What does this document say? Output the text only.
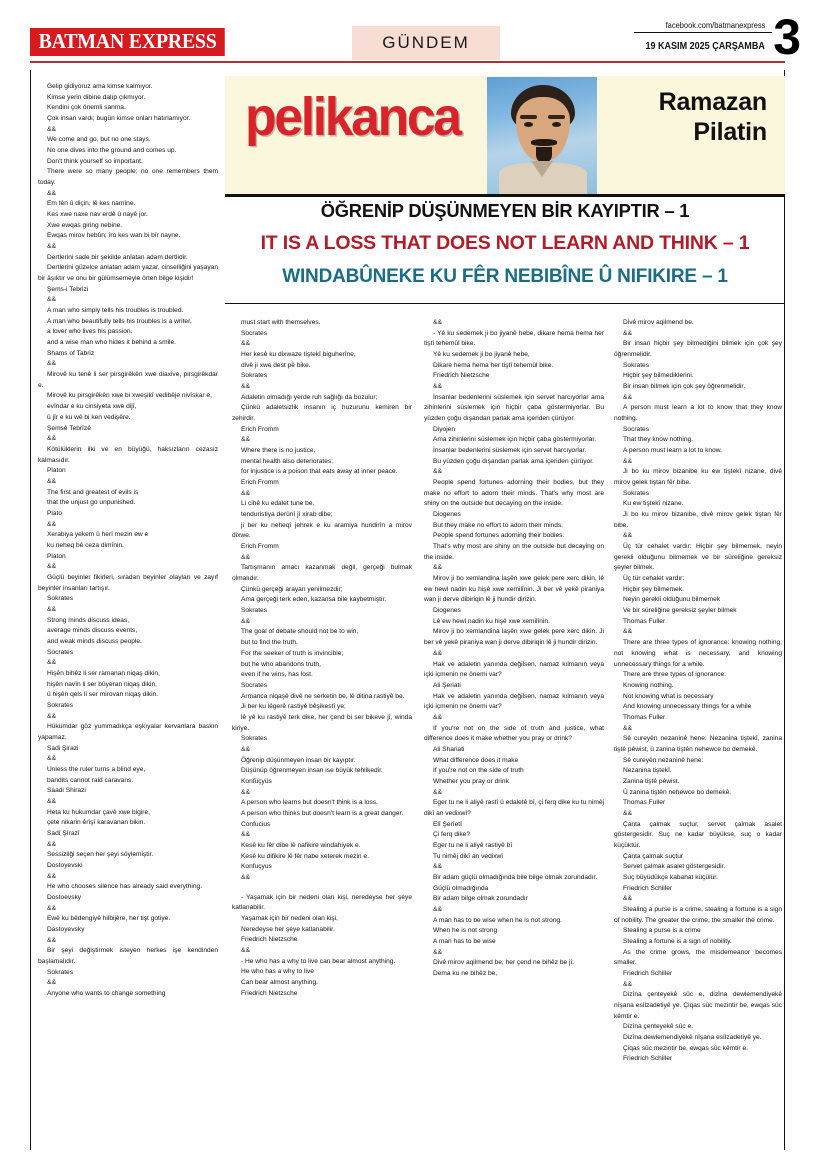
BATMAN EXPRESS	GÜNDEM
facebook.com/batmanexpress
19 KASIM 2025 ÇARŞAMBA 3
pelikanca	Ramazan
Pilatin
ÖĞRENİP DÜŞÜNMEYEN BİR KAYIPTIR – 1
IT IS A LOSS THAT DOES NOT LEARN AND THINK – 1
WINDABÛNEKE KU FÊR NEBIBÎNE Û NIFIKIRE – 1

Gelip gidiyoruz ama kimse kalmıyor.

Kimse yerin dibine dalıp çıkmıyor.

Kendini çok önemli sanma.

Çok insan vardı; bugün kimse onları hatırlamıyor.

&&

We come and go, but no one stays.

No one dives into the ground and comes up.

Don't think yourself so important.

There were so many people; no one remembers them today.

&&

Em tên û diçin, lê kes namîne.

Kes xwe naxe nav erdê û nayê jor.

Xwe ewqas giring nebine.

Ewqas mirov hebûn; îro kes wan bi bîr nayne.

&&

Dertlerini sade bir şekilde anlatan adam dertlidir.

Dertlerini güzelce anlatan adam yazar, cinselliğini yaşayan bir âşıktır ve onu bir gülümsemeyle örten bilge kişidir!

Şems-i Tebrizi

&&

A man who simply tells his troubles is troubled.

A man who beautifully tells his troubles is a writer,

a lover who lives his passion,

and a wise man who hides it behind a smile.

Shams of Tabriz

&&

Mirovê ku tenê li ser pirsgirêkên xwe diaxive, pirsgirêkdar e.

Mirovê ku pirsgirêkên xwe bi xweşikî vedibêje nivîskar e,

evîndar e ku cinsiyeta xwe dijî,

û jîr e ku wê bi ken vedişêre.

Şemsê Tebrîzê

&&

Kötülüklerin ilki ve en büyüğü, haksızların cezasız kalmasıdır.

Platon

&&

The first and greatest of evils is

that the unjust go unpunished.

Plato

&&

Xerabiya yekem û herî mezin ew e

ku neheq bê ceza dimînin.

Platon

&&

Güçlü beyinler fikirleri, sıradan beyinler olayları ve zayıf beyinler insanları tartışır.

Sokrates

&&

Strong minds discuss ideas,

average minds discuss events,

and weak minds discuss people.

Socrates

&&

Hişên bihêz li ser ramanan niqaş dikin,

hişên navîn li ser bûyeran niqaş dikin,

û hişên qels li ser mirovan niqaş dikin.

Sokrates

&&

Hükümdar göz yummadıkça eşkıyalar kervanlara baskın yapamaz.

Sadi Şirazi

&&

Unless the ruler turns a blind eye,

bandits cannot raid caravans.

Saadi Shirazi

&&

Heta ku hukumdar çavê xwe bigire,

çete nikarin êrîşî karavanan bikin.

Sadî Şîrazî

&&

Sessizliği seçen her şeyi söylemiştir.

Dostoyevski

&&

He who chooses silence has already said everything.

Dostoevsky

&&

Ewê ku bêdengiyê hilbijêre, her tişt gotiye.

Dastoyevsky

&&

Bir şeyi değiştirmek isteyen herkes işe kendinden başlamalıdır.

Sokrates

&&

Anyone who wants to change something

must start with themselves.

Socrates

&&

Her kesê ku dixwaze tiştekî biguherîne,

divê ji xwe dest pê bike.

Sokrates

&&

Adaletin olmadığı yerde ruh sağlığı da bozulur;

Çünkü adaletsizlik insanın iç huzurunu kemiren bir zehirdir.

Erich Fromm

&&

Where there is no justice,

mental health also deteriorates;

for injustice is a poison that eats away at inner peace.

Erich Fromm

&&

Li cihê ku edalet tune be,

tenduristiya derûnî jî xirab dibe;

ji ber ku neheqî jehrek e ku aramiya hundirîn a mirov dixwe.

Erich Fromm

&&

Tartışmanın amacı kazanmak değil, gerçeği bulmak olmalıdır.

Çünkü gerçeği arayan yenilmezdir;

Ama gerçeği terk eden, kazansa bile kaybetmiştir.

Sokrates

&&

The goal of debate should not be to win,

but to find the truth.

For the seeker of truth is invincible;

but he who abandons truth,

even if he wins, has lost.

Socrates

Armanca niqaşê divê ne serketin be, lê ditina rastiyê be.

Ji ber ku lêgerê rastiyê bêşikestî ye;

lê yê ku rastiyê terk dike, her çend bi ser bikeve jî, winda kiriye.

Sokrates

&&

Öğrenip düşünmeyen insan bir kayıptır.

Düşünüp öğrenmeyen insan ise büyük tehlikedir.

Konfüçyüs

&&

A person who learns but doesn't think is a loss.

A person who thinks but doesn't learn is a great danger.

Confucius

&&

Kesê ku fêr dibe lê nafikire windahiyek e.

Kesê ku difikire lê fêr nabe xeterek mezin e.

Konfuçyus

&&

- Yaşamak için bir nedeni olan kişi, neredeyse her şeye katlanabilir.

Yaşamak için bir nedeni olan kişi,

Neredeyse her şeye katlanabilir.

Friedrich Nietzsche

&&

- He who has a why to live can bear almost anything.

He who has a why to live

Can bear almost anything.

Friedrich Nietzsche

&&

- Yê ku sedemek ji bo jiyanê hebe, dikare hema hema her tiştî tehemûl bike.

Yê ku sedemek ji bo jiyanê hebe,

Dikare hema hema her tiştî tehemûl bike.

Friedrich Nietzsche

&&

İnsanlar bedenlerini süslemek için servet harcıyorlar ama zihinlerini süslemek için hiçbir çaba göstermiyorlar. Bu yüzden çoğu dışandan parlak ama içeriden çürüyor.

Diyojen

Ama zihinlerini süslemek için hiçbir çaba göstermiyorlar.

İnsanlar bedenlerini süslemek için servet harcıyorlar.

Bu yüzden çoğu dışandan parlak ama içeriden çürüyor.

&&

People spend fortunes adorning their bodies, but they make no effort to adorn their minds. That's why most are shiny on the outside but decaying on the inside.

Diogenes

But they make no effort to adorn their minds.

People spend fortunes adorning their bodies.

That's why most are shiny on the outside but decaying on the inside.

&&

Mirov ji bo xemlandina laşên xwe gelek pere xerc dikin, lê ew hewl nadin ku hişê xwe xemilînin. Ji ber vê yekê piraniya wan ji derve dibiriqin lê ji hundir dirizin.

Diogenes

Lê ew hewl nadin ku hişê xwe xemilînin.

Mirov ji bo xemlandina laşên xwe gelek pere xerc dikin. Ji ber vê yekê piraniya wan ji derve dibiriqin lê ji hundir dirizin.

&&

Hak ve adaletin yanında değilsen, namaz kılmanın veya içki içmenin ne önemi var?

Ali Şeriati

Hak ve adaletin yanında değilsen, namaz kılmanın veya içki içmenin ne önemi var?

&&

If you're not on the side of truth and justice, what difference does it make whether you pray or drink?

Ali Shariati

What difference does it make

If you're not on the side of truth

Whether you pray or drink

&&

Eger tu ne li aliyê rastî û edaletê bî, çi ferq dike ku tu nimêj dikî an vedixwî?

Elî Şerîetî

Çi ferq dike?

Eger tu ne li aliyê rastiyê bî

Tu nimêj dikî an vedixwî

&&

Bir adam güçlü olmadığında bile bilge olmak zorundadır.

Güçlü olmadığında

Bir adam bilge olmak zorundadır

&&

A man has to be wise when he is not strong.

When he is not strong

A man has to be wise

&&

Divê mirov aqilmend be, her çend ne bihêz be jî.

Dema ku ne bihêz be,

Divê mirov aqilmend be.

&&

Bir insan hiçbir şey bilmediğini bilmek için çok şey öğrenmelidir.

Sokrates

Hiçbir şey bilmediklerini.

Bir insan bilmek için çok şey öğrenmelidir.

&&

A person must learn a lot to know that they know nothing.

Socrates

That they know nothing.

A person must learn a lot to know.

&&

Ji bo ku mirov bizanibe ku ew tiştekî nizane, divê mirov gelek tiştan fêr bibe.

Sokrates

Ku ew tiştekî nizane.

Ji bo ku mirov bizanibe, divê mirov gelek tiştan fêr bibe.

&&

Üç tür cehalet vardır: Hiçbir şey bilmemek, neyin gerekli olduğunu bilmemek ve bir süreliğine gereksiz şeyler bilmek.

Üç tür cehalet vardır:

Hiçbir şey bilmemek.

Neyin gerekli olduğunu bilmemek

Ve bir süreliğine gereksiz şeyler bilmek

Thomas Fuller

&&

There are three types of ignorance: knowing nothing, not knowing what is necessary, and knowing unnecessary things for a while.

There are three types of ignorance:

Knowing nothing.

Not knowing what is necessary

And knowing unnecessary things for a while

Thomas Fuller

&&

Sê cureyên nezaninê hene: Nezanina tiştekî, zanina tiştê pêwist, û zanina tiştên nehewce bo demekê.

Sê cureyên nezaninê hene:

Nezanina tiştekî.

Zanina tiştê pêwist.

Û zanina tiştên nehewce bo demekê.

Thomas Fuller

&&

Çanta çalmak suçtur, servet çalmak asalet göstergesidir. Suç ne kadar büyükse, suç o kadar küçüktür.

Çanta çalmak suçtur

Servet çalmak asalet göstergesidir.

Suç büyüdükçe kabahat küçülür.

Friedrich Schiller

&&

Stealing a purse is a crime, stealing a fortune is a sign of nobility. The greater the crime, the smaller the crime.

Stealing a purse is a crime

Stealing a fortune is a sign of nobility.

As the crime grows, the misdemeanor becomes smaller.

Friedrich Schiller

&&

Dizîna çenteyekê sûc e, dizîna dewlemendiyekê nîşana esîlzadetiyê ye. Çiqas sûc mezintir be, ewqas sûc kêmtir e.

Dizîna çenteyekê sûc e.

Dizîna dewlemendiyekê nîşana esîlzadetiyê ye.

Çiqas sûc mezintir be, ewqas sûc kêmtir e.

Friedrich Schiller
